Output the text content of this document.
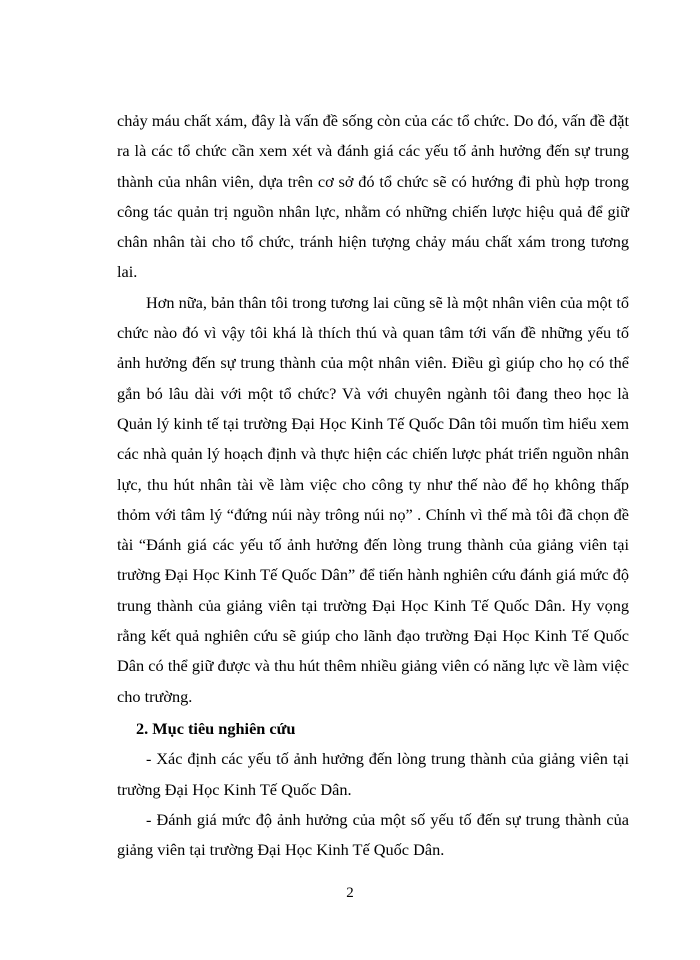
chảy máu chất xám, đây là vấn đề sống còn của các tổ chức. Do đó, vấn đề đặt ra là các tổ chức cần xem xét và đánh giá các yếu tố ảnh hưởng đến sự trung thành của nhân viên, dựa trên cơ sở đó tổ chức sẽ có hướng đi phù hợp trong công tác quản trị nguồn nhân lực, nhằm có những chiến lược hiệu quả để giữ chân nhân tài cho tổ chức, tránh hiện tượng chảy máu chất xám trong tương lai.

Hơn nữa, bản thân tôi trong tương lai cũng sẽ là một nhân viên của một tổ chức nào đó vì vậy tôi khá là thích thú và quan tâm tới vấn đề những yếu tố ảnh hưởng đến sự trung thành của một nhân viên. Điều gì giúp cho họ có thể gắn bó lâu dài với một tổ chức? Và với chuyên ngành tôi đang theo học là Quản lý kinh tế tại trường Đại Học Kinh Tế Quốc Dân tôi muốn tìm hiểu xem các nhà quản lý hoạch định và thực hiện các chiến lược phát triển nguồn nhân lực, thu hút nhân tài về làm việc cho công ty như thế nào để họ không thấp thỏm với tâm lý “đứng núi này trông núi nọ” . Chính vì thế mà tôi đã chọn đề tài “Đánh giá các yếu tố ảnh hưởng đến lòng trung thành của giảng viên tại trường Đại Học Kinh Tế Quốc Dân” để tiến hành nghiên cứu đánh giá mức độ trung thành của giảng viên tại trường Đại Học Kinh Tế Quốc Dân. Hy vọng rằng kết quả nghiên cứu sẽ giúp cho lãnh đạo trường Đại Học Kinh Tế Quốc Dân có thể giữ được và thu hút thêm nhiều giảng viên có năng lực về làm việc cho trường.

2. Mục tiêu nghiên cứu

- Xác định các yếu tố ảnh hưởng đến lòng trung thành của giảng viên tại trường Đại Học Kinh Tế Quốc Dân.

- Đánh giá mức độ ảnh hưởng của một số yếu tố đến sự trung thành của giảng viên tại trường Đại Học Kinh Tế Quốc Dân.

2
